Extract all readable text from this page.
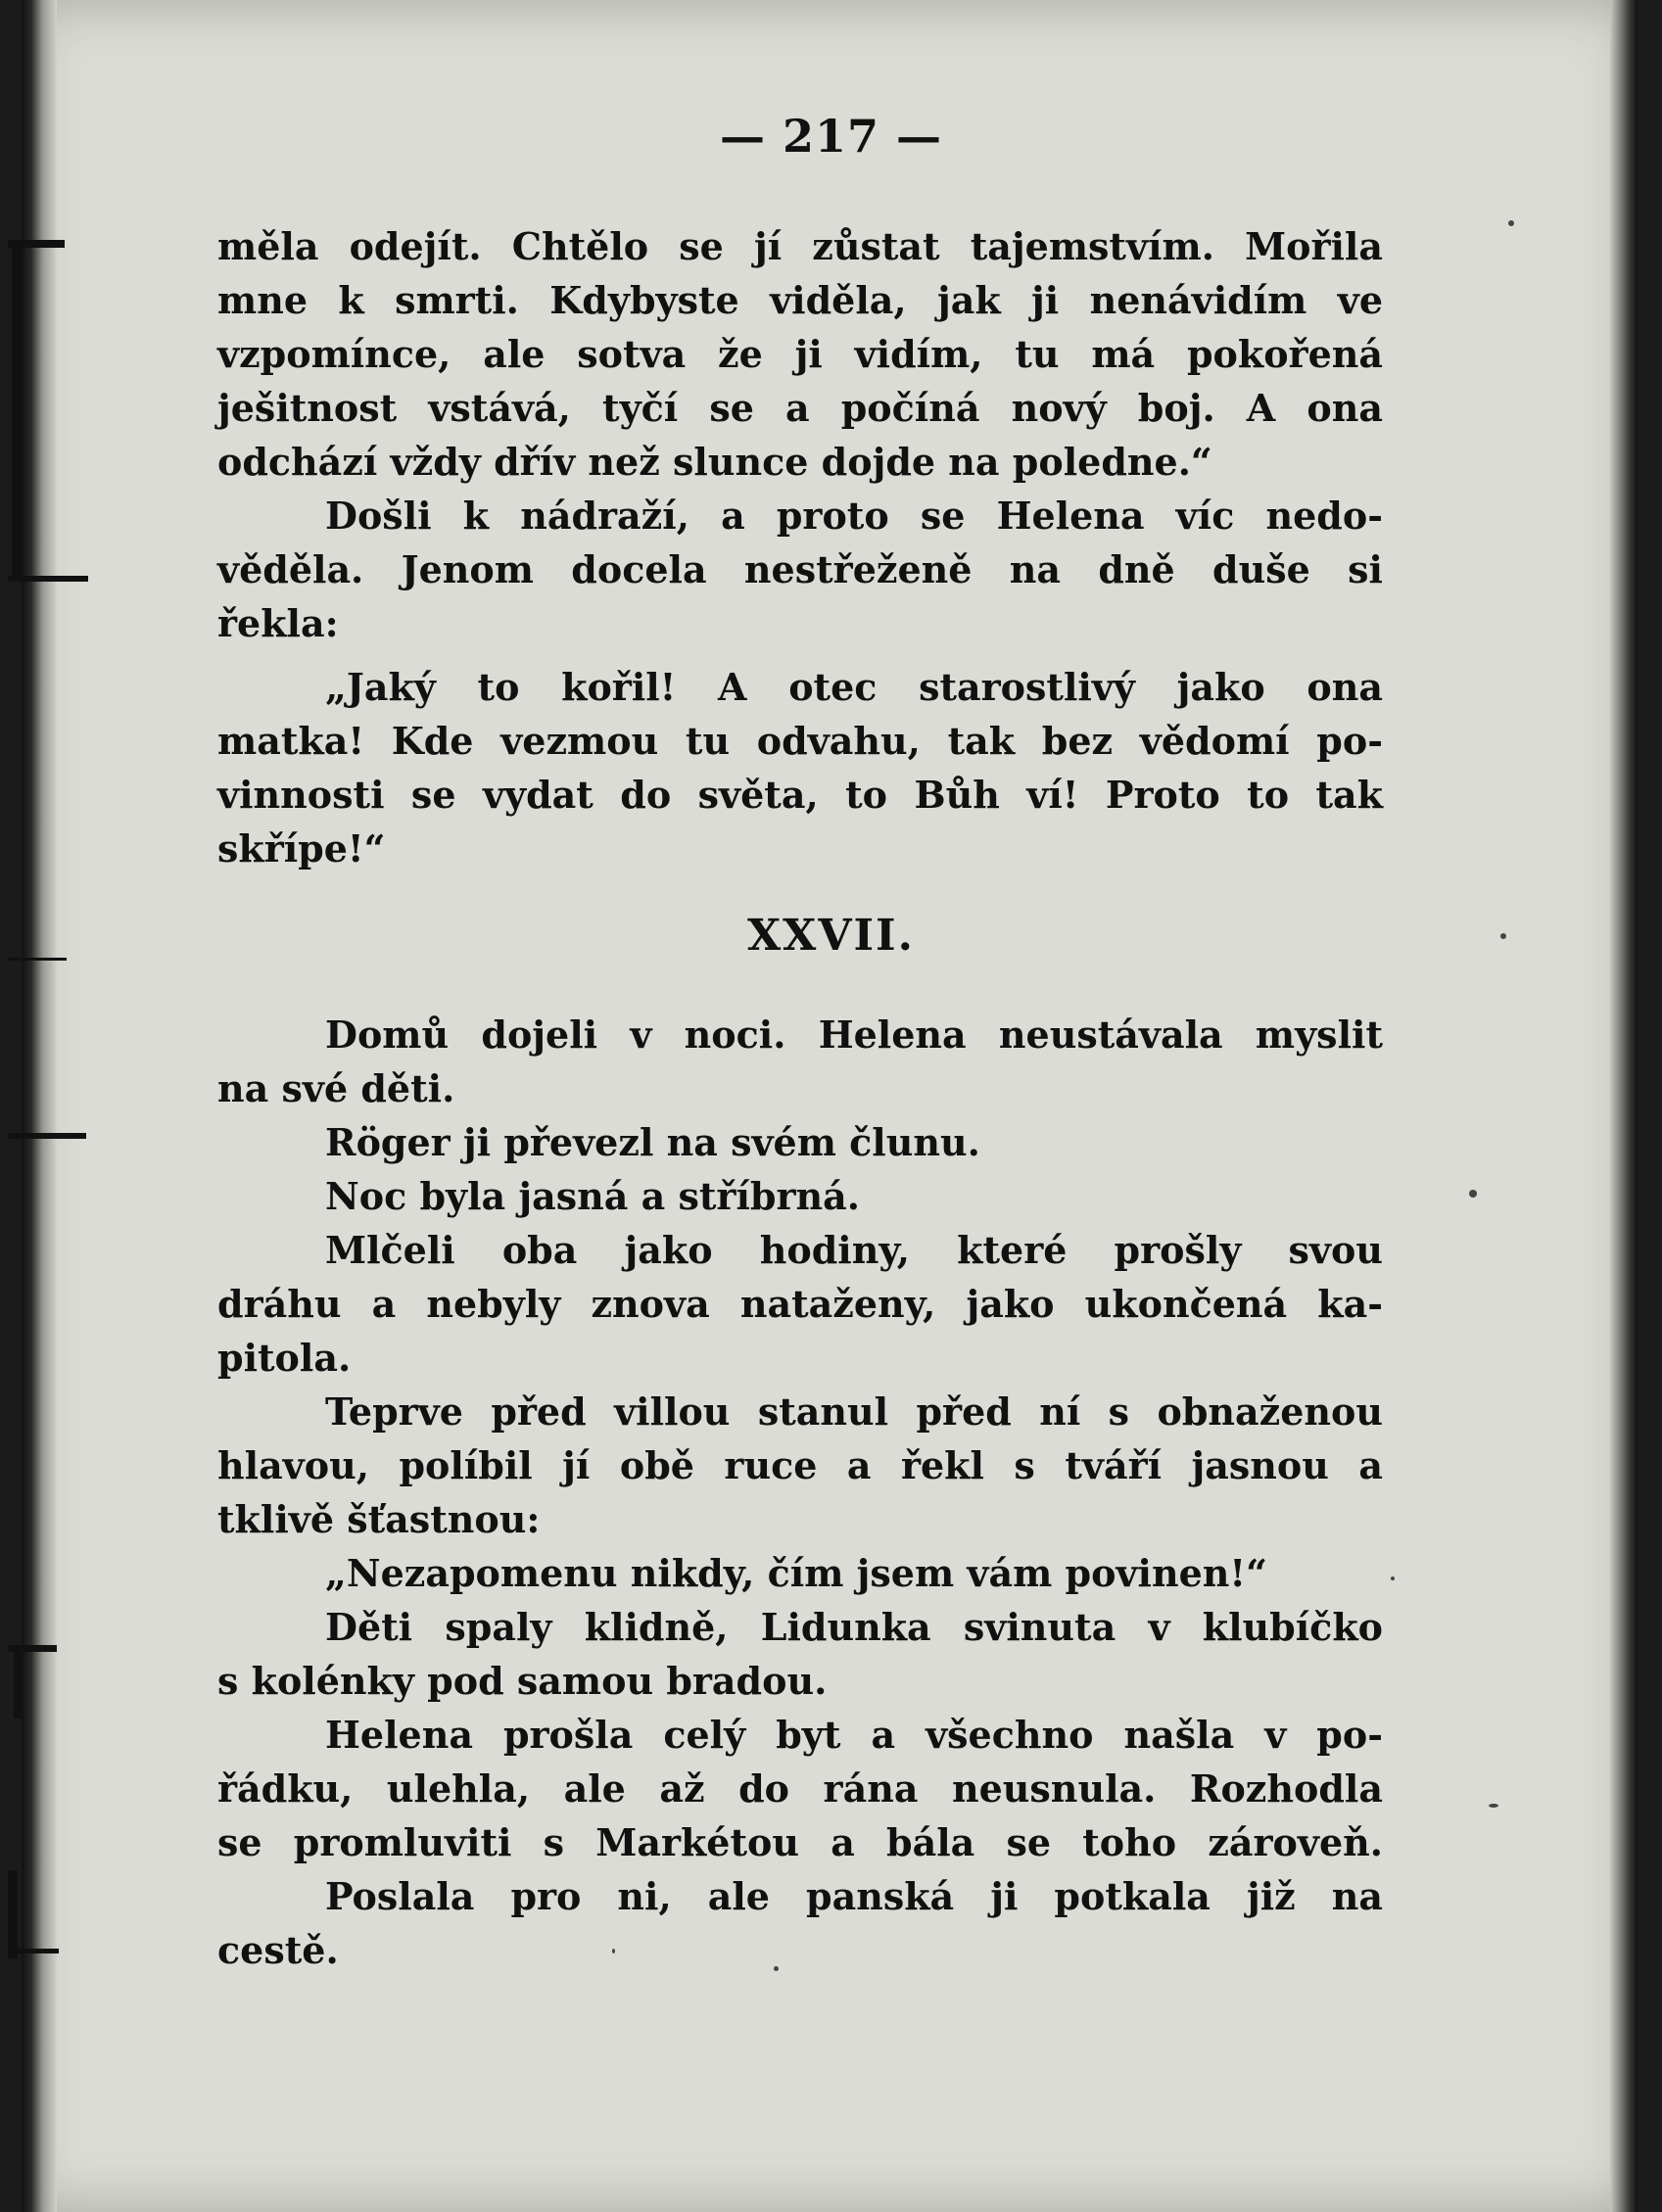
— 217 —
měla odejít. Chtělo se jí zůstat tajemstvím. Mořila
mne k smrti. Kdybyste viděla, jak ji nenávidím ve
vzpomínce, ale sotva že ji vidím, tu má pokořená
ješitnost vstává, tyčí se a počíná nový boj. A ona
odchází vždy dřív než slunce dojde na poledne.“
Došli k nádraží, a proto se Helena víc nedo-
věděla. Jenom docela nestřeženě na dně duše si
řekla:
„Jaký to kořil! A otec starostlivý jako ona
matka! Kde vezmou tu odvahu, tak bez vědomí po-
vinnosti se vydat do světa, to Bůh ví! Proto to tak
skřípe!“
Domů dojeli v noci. Helena neustávala myslit
na své děti.
Röger ji převezl na svém člunu.
Noc byla jasná a stříbrná.
Mlčeli oba jako hodiny, které prošly svou
dráhu a nebyly znova nataženy, jako ukončená ka-
pitola.
Teprve před villou stanul před ní s obnaženou
hlavou, políbil jí obě ruce a řekl s tváří jasnou a
tklivě šťastnou:
„Nezapomenu nikdy, čím jsem vám povinen!“
Děti spaly klidně, Lidunka svinuta v klubíčko
s kolénky pod samou bradou.
Helena prošla celý byt a všechno našla v po-
řádku, ulehla, ale až do rána neusnula. Rozhodla
se promluviti s Markétou a bála se toho zároveň.
Poslala pro ni, ale panská ji potkala již na
cestě.
XXVII.
